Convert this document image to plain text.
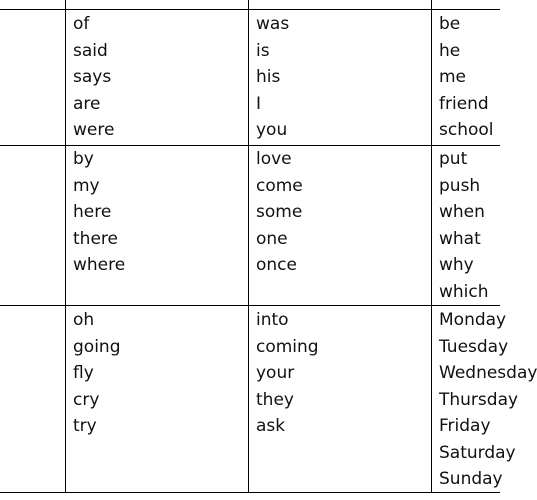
of
said
says
are
were
was
is
his
I
you
be
he
me
friend
school
by
my
here
there
where
love
come
some
one
once
put
push
when
what
why
which
oh
going
fly
cry
try
into
coming
your
they
ask
Monday
Tuesday
Wednesday
Thursday
Friday
Saturday
Sunday
